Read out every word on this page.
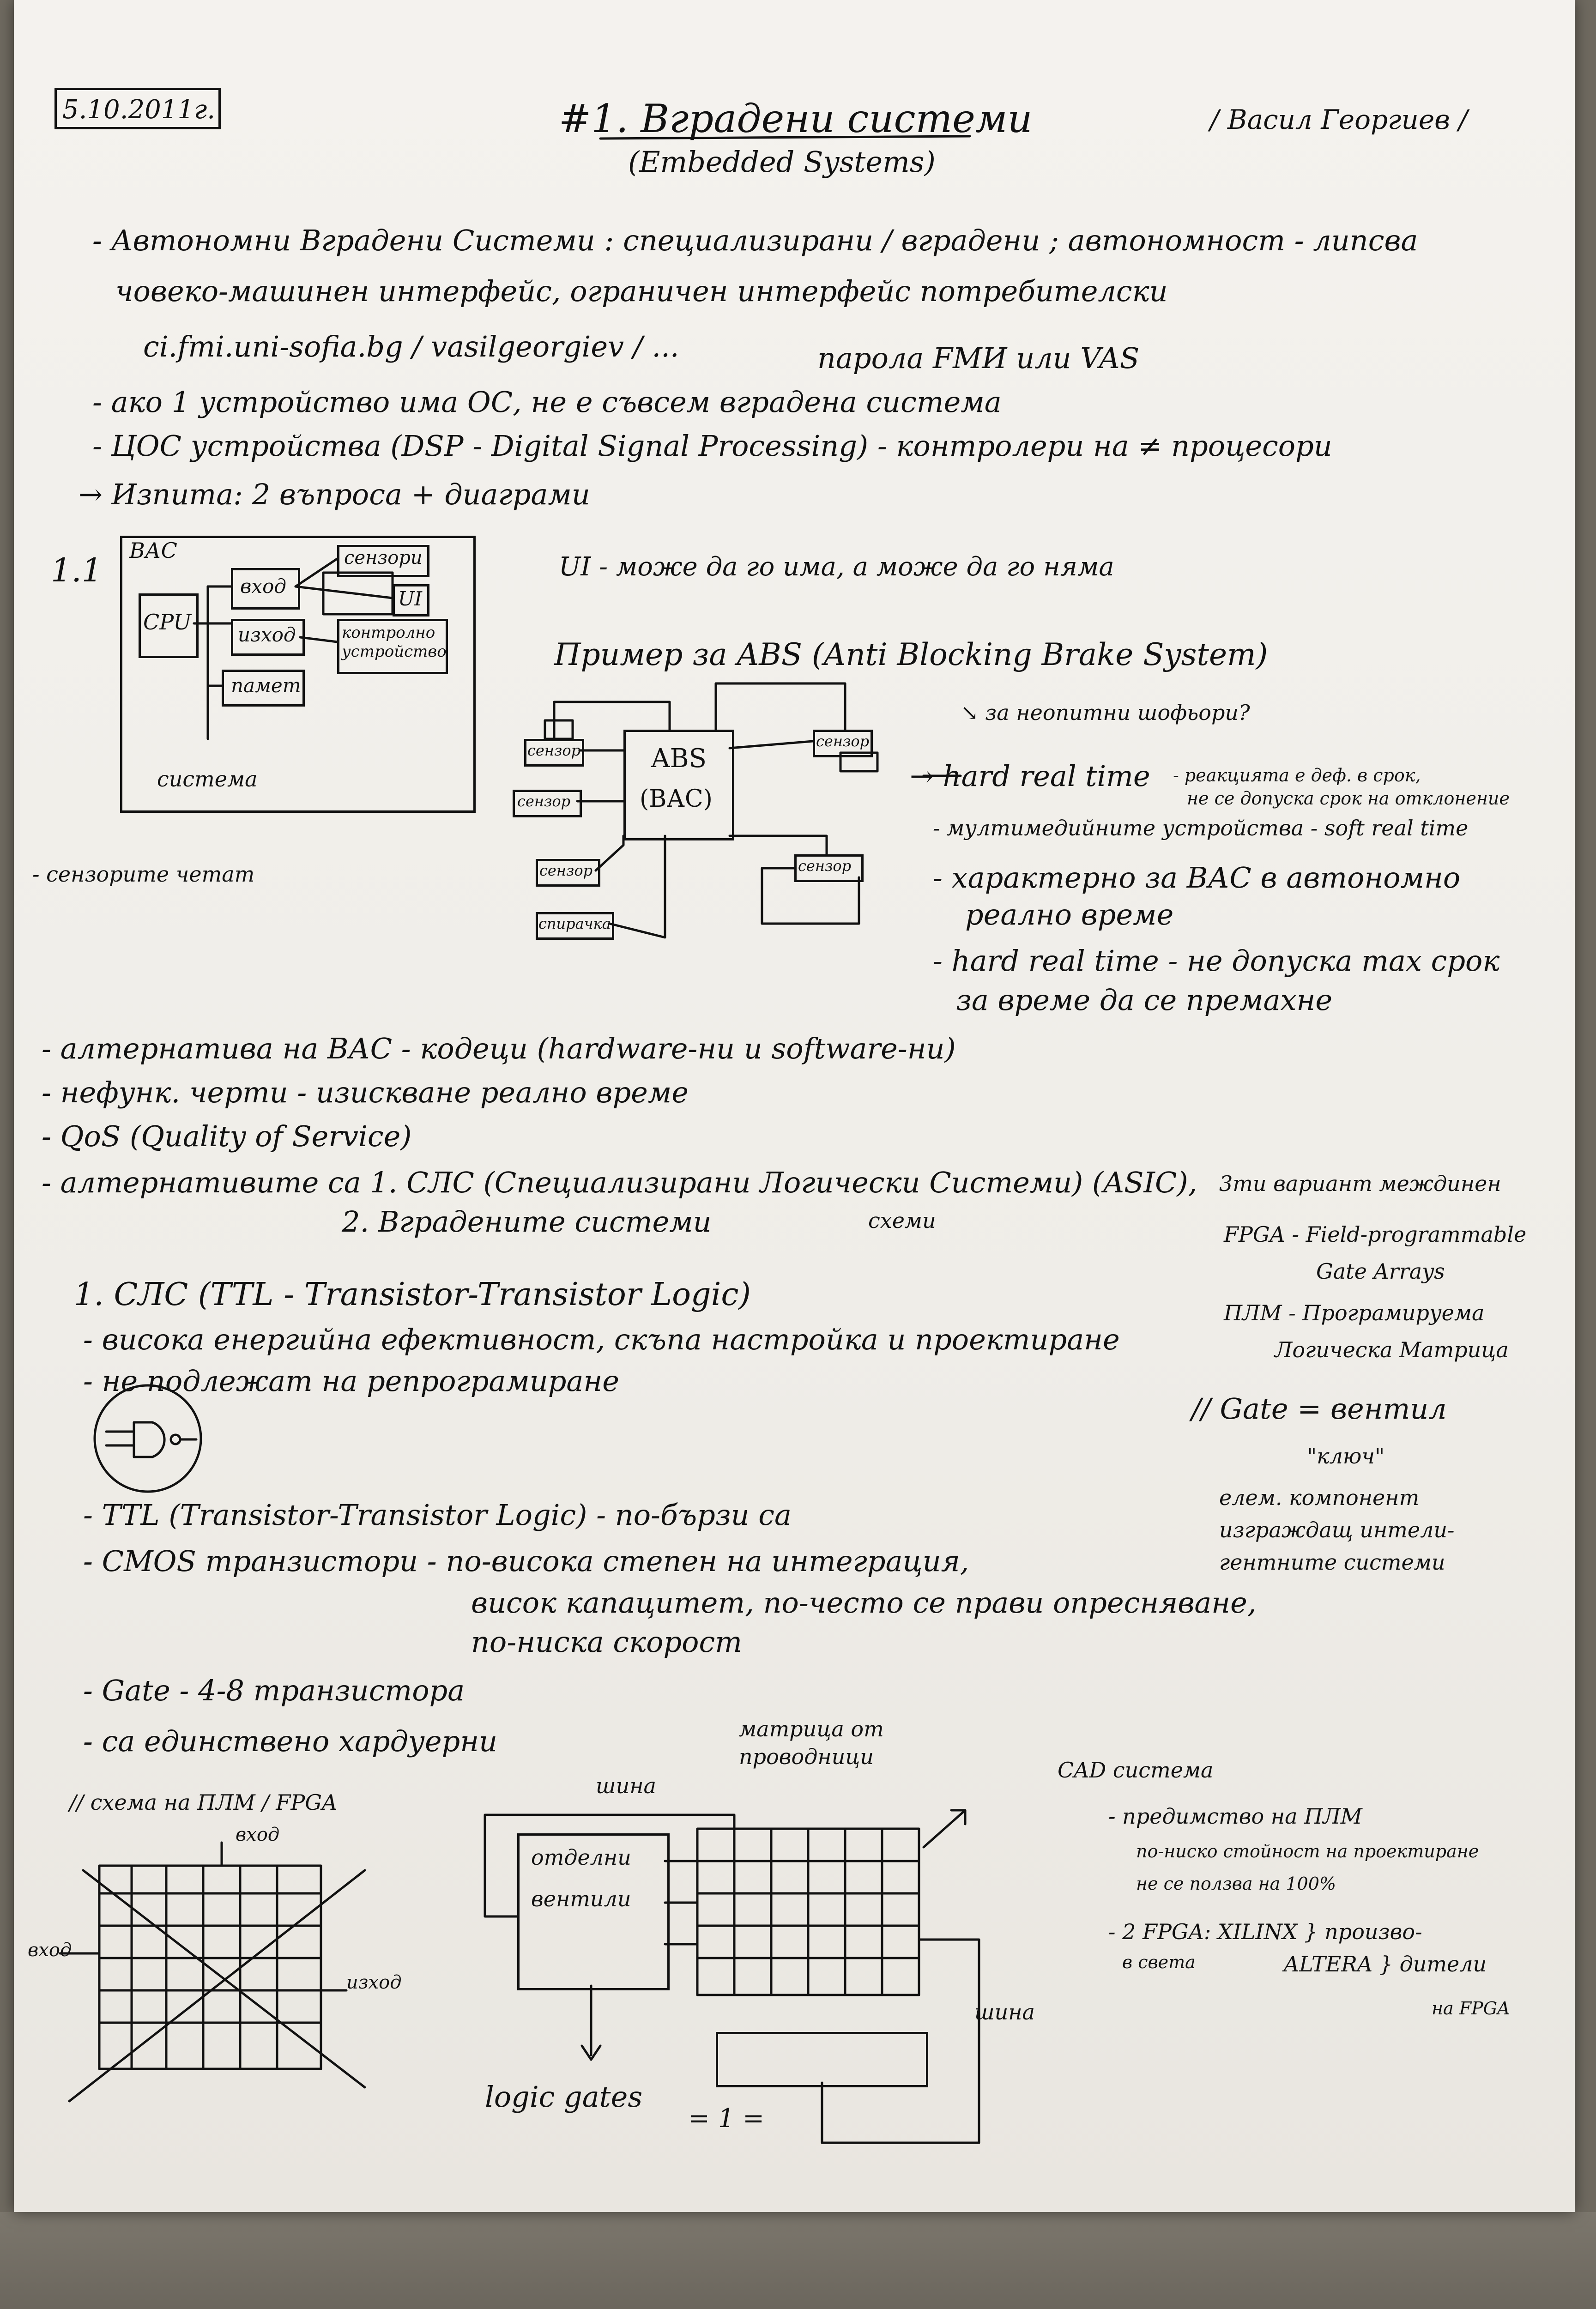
5.10.2011г.	#1. Вградени системи
(Embedded Systems)
/ Васил Георгиев /
- Автономни Вградени Системи : специализирани / вградени ; автономност - липсва
човеко-машинен интерфейс, ограничен интерфейс потребителски
ci.fmi.uni-sofia.bg / vasilgeorgiev / ...	парола FMИ или VAS
- ако 1 устройство има ОС, не е съвсем вградена система
- ЦОС устройства (DSP - Digital Signal Processing) - контролери на ≠ процесори
→ Изпита: 2 въпроса + диаграми
1.1
ВАС
CPU
вход
изход
памет
сензори
UI
контролно устройство
система
- сензорите четат
UI - може да го има, а може да го няма
Пример за ABS (Anti Blocking Brake System)
↘ за неопитни шофьори?
ABS
(ВАС)
сензор
сензор
сензор
сензор
спирачка
сензор
→ hard real time - реакцията е деф. в срок,
не се допуска срок на отклонение
- мултимедийните устройства - soft real time
- характерно за ВАС в автономно
реално време
- hard real time - не допуска max срок
за време да се премахне
- алтернатива на ВАС - кодеци (hardware-ни и software-ни)
- нефунк. черти - изискване реално време
- QoS (Quality of Service)
- алтернативите са 1. СЛС (Специализирани Логически Системи) (ASIC),
схеми
2. Вградените системи
3ти вариант междинен
FPGA - Field-programmable
Gate Arrays
ПЛМ - Програмируема
Логическа Матрица
// Gate = вентил
"ключ"
елем. компонент
изграждащ интели-
гентните системи
1. СЛС (TTL - Transistor-Transistor Logic)
- висока енергийна ефективност, скъпа настройка и проектиране
- не подлежат на репрограмиране
- TTL (Transistor-Transistor Logic) - по-бързи са
- CMOS транзистори - по-висока степен на интеграция,
висок капацитет, по-често се прави опресняване,
по-ниска скорост
- Gate - 4-8 транзистора
- са единствено хардуерни
// схема на ПЛМ / FPGA
вход
вход
изход
шина
матрица от проводници
отделни
вентили
logic gates
шина
= 1 =
CAD система
- предимство на ПЛМ
по-ниско стойност на проектиране
не се ползва на 100%
- 2 FPGA: XILINX } произво-
в света	ALTERA } дители
на FPGA
